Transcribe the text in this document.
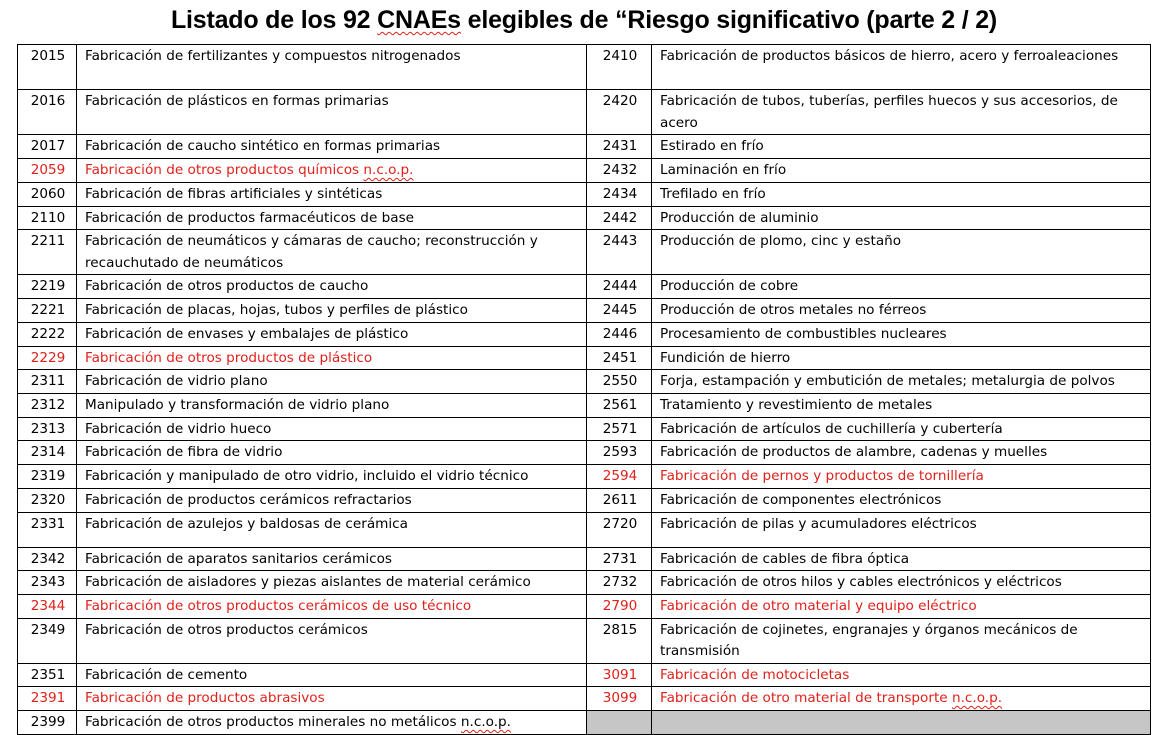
Listado de los 92 CNAEs elegibles de “Riesgo significativo (parte 2 / 2)
2015	Fabricación de fertilizantes y compuestos nitrogenados	2410	Fabricación de productos básicos de hierro, acero y ferroaleaciones
2016	Fabricación de plásticos en formas primarias	2420	Fabricación de tubos, tuberías, perfiles huecos y sus accesorios, de acero
2017	Fabricación de caucho sintético en formas primarias	2431	Estirado en frío
2059	Fabricación de otros productos químicos n.c.o.p.	2432	Laminación en frío
2060	Fabricación de fibras artificiales y sintéticas	2434	Trefilado en frío
2110	Fabricación de productos farmacéuticos de base	2442	Producción de aluminio
2211	Fabricación de neumáticos y cámaras de caucho; reconstrucción y recauchutado de neumáticos	2443	Producción de plomo, cinc y estaño
2219	Fabricación de otros productos de caucho	2444	Producción de cobre
2221	Fabricación de placas, hojas, tubos y perfiles de plástico	2445	Producción de otros metales no férreos
2222	Fabricación de envases y embalajes de plástico	2446	Procesamiento de combustibles nucleares
2229	Fabricación de otros productos de plástico	2451	Fundición de hierro
2311	Fabricación de vidrio plano	2550	Forja, estampación y embutición de metales; metalurgia de polvos
2312	Manipulado y transformación de vidrio plano	2561	Tratamiento y revestimiento de metales
2313	Fabricación de vidrio hueco	2571	Fabricación de artículos de cuchillería y cubertería
2314	Fabricación de fibra de vidrio	2593	Fabricación de productos de alambre, cadenas y muelles
2319	Fabricación y manipulado de otro vidrio, incluido el vidrio técnico	2594	Fabricación de pernos y productos de tornillería
2320	Fabricación de productos cerámicos refractarios	2611	Fabricación de componentes electrónicos
2331	Fabricación de azulejos y baldosas de cerámica	2720	Fabricación de pilas y acumuladores eléctricos
2342	Fabricación de aparatos sanitarios cerámicos	2731	Fabricación de cables de fibra óptica
2343	Fabricación de aisladores y piezas aislantes de material cerámico	2732	Fabricación de otros hilos y cables electrónicos y eléctricos
2344	Fabricación de otros productos cerámicos de uso técnico	2790	Fabricación de otro material y equipo eléctrico
2349	Fabricación de otros productos cerámicos	2815	Fabricación de cojinetes, engranajes y órganos mecánicos de transmisión
2351	Fabricación de cemento	3091	Fabricación de motocicletas
2391	Fabricación de productos abrasivos	3099	Fabricación de otro material de transporte n.c.o.p.
2399	Fabricación de otros productos minerales no metálicos n.c.o.p.		
